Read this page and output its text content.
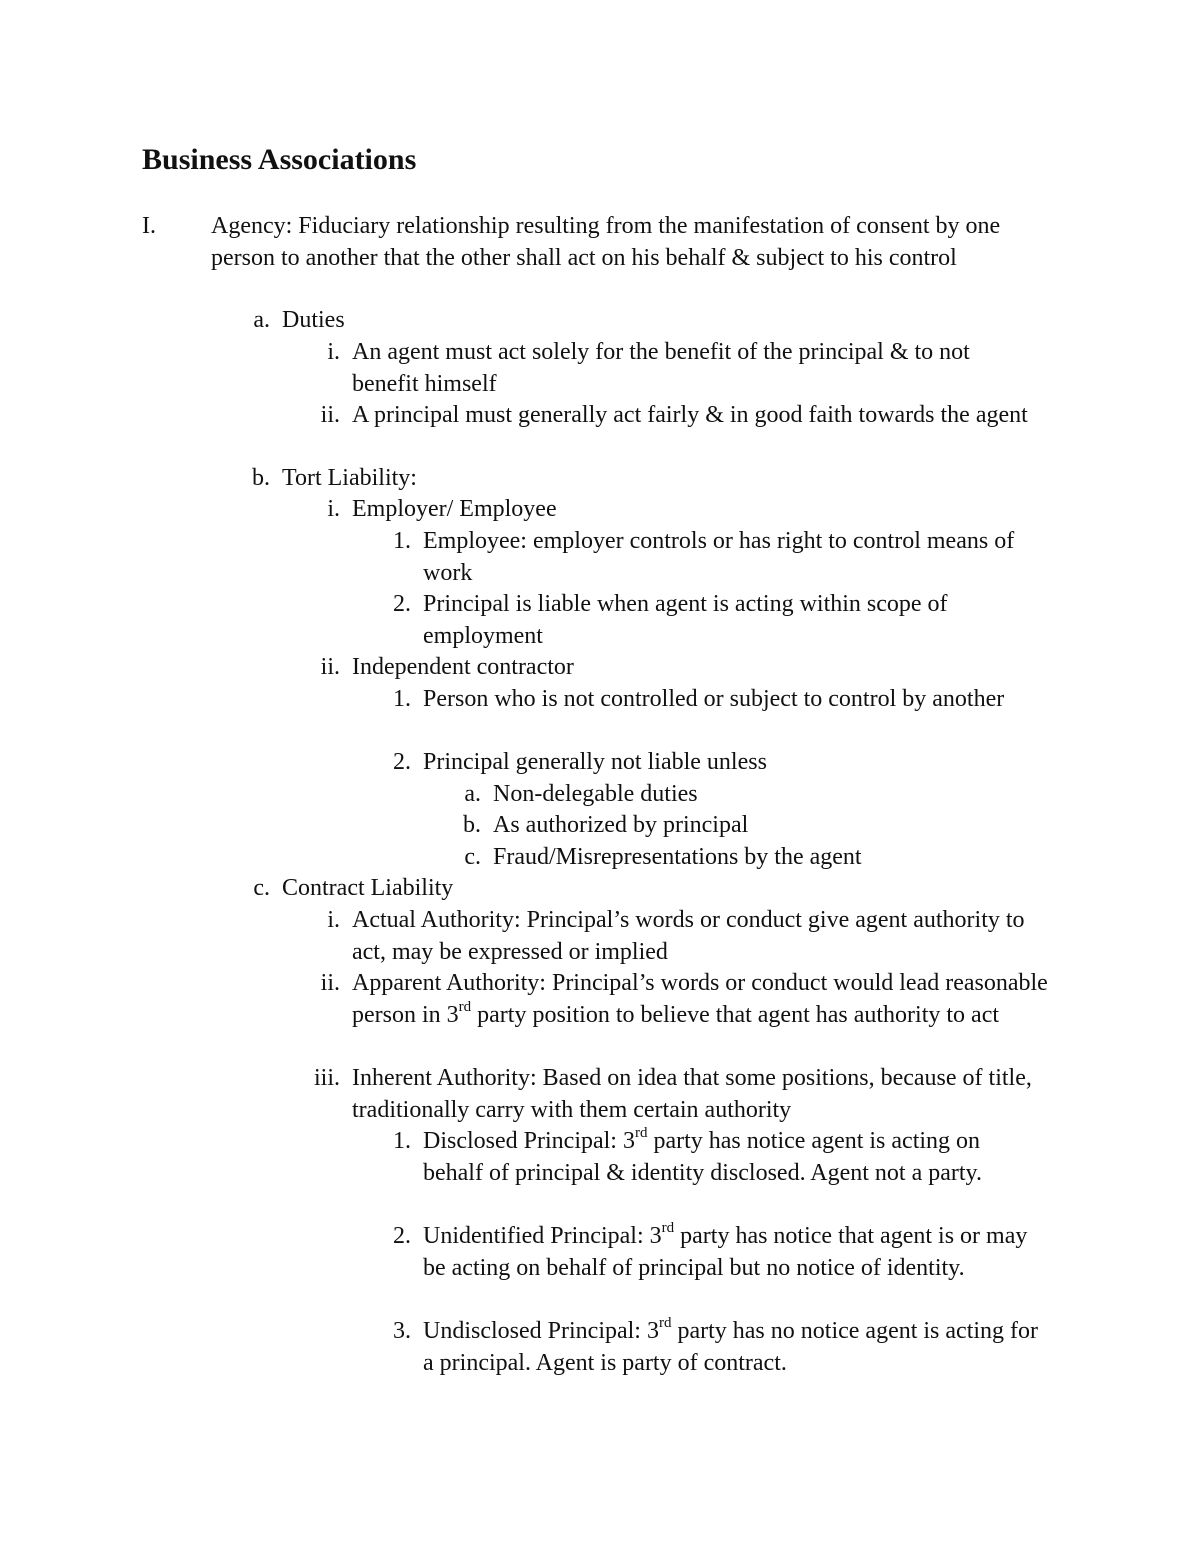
Business Associations
I.	Agency: Fiduciary relationship resulting from the manifestation of consent by one person to another that the other shall act on his behalf & subject to his control
a. Duties
i. An agent must act solely for the benefit of the principal & to not benefit himself
ii. A principal must generally act fairly & in good faith towards the agent
b. Tort Liability:
i. Employer/ Employee
1. Employee: employer controls or has right to control means of work
2. Principal is liable when agent is acting within scope of employment
ii. Independent contractor
1. Person who is not controlled or subject to control by another
2. Principal generally not liable unless
a. Non-delegable duties
b. As authorized by principal
c. Fraud/Misrepresentations by the agent
c. Contract Liability
i. Actual Authority: Principal’s words or conduct give agent authority to act, may be expressed or implied
ii. Apparent Authority: Principal’s words or conduct would lead reasonable person in 3rd party position to believe that agent has authority to act
iii. Inherent Authority: Based on idea that some positions, because of title, traditionally carry with them certain authority
1. Disclosed Principal: 3rd party has notice agent is acting on behalf of principal & identity disclosed. Agent not a party.
2. Unidentified Principal: 3rd party has notice that agent is or may be acting on behalf of principal but no notice of identity.
3. Undisclosed Principal: 3rd party has no notice agent is acting for a principal. Agent is party of contract.
